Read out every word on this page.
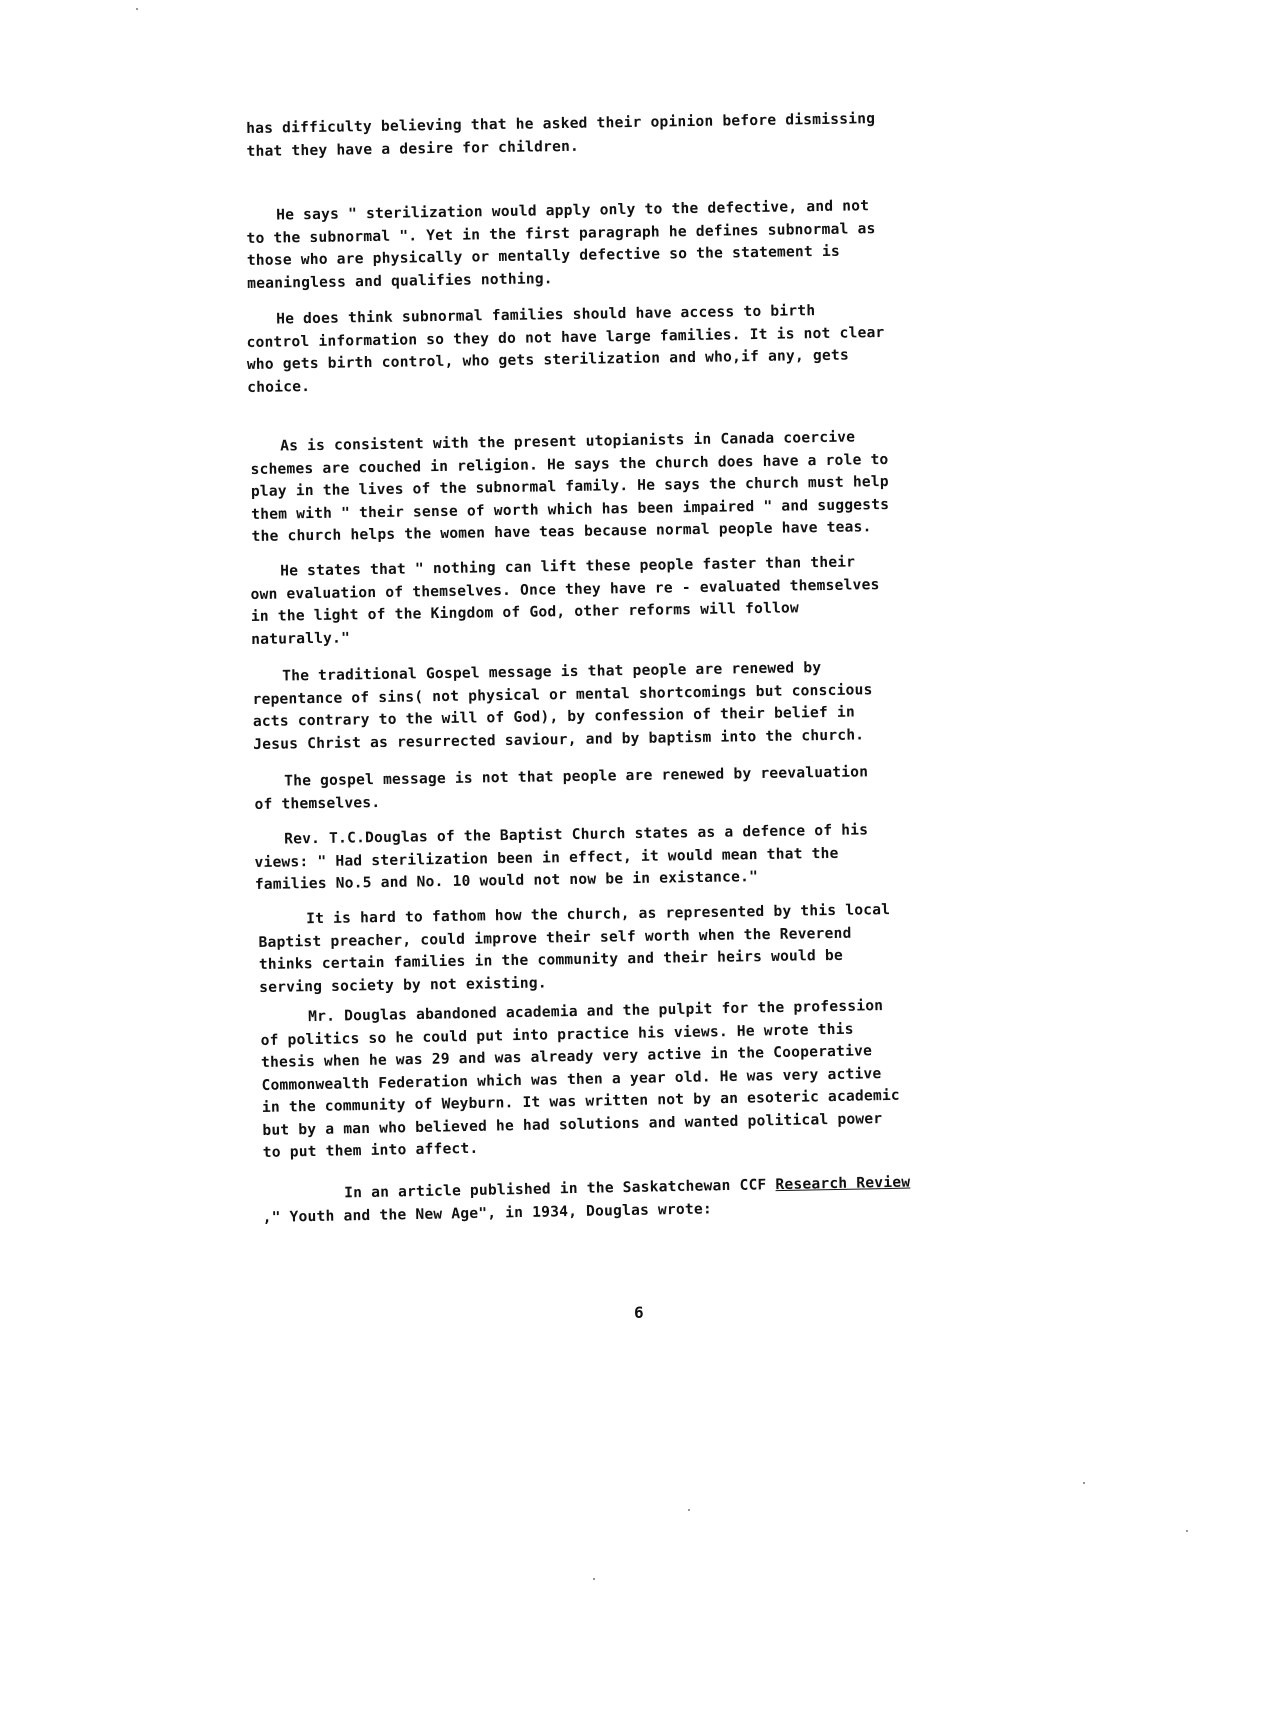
has difficulty believing that he asked their opinion before dismissing
that they have a desire for children.
He says " sterilization would apply only to the defective, and not
to the subnormal ". Yet in the first paragraph he defines subnormal as
those who are physically or mentally defective so the statement is
meaningless and qualifies nothing.
He does think subnormal families should have access to birth
control information so they do not have large families. It is not clear
who gets birth control, who gets sterilization and who,if any, gets
choice.
As is consistent with the present utopianists in Canada coercive
schemes are couched in religion. He says the church does have a role to
play in the lives of the subnormal family. He says the church must help
them with " their sense of worth which has been impaired " and suggests
the church helps the women have teas because normal people have teas.
He states that " nothing can lift these people faster than their
own evaluation of themselves. Once they have re - evaluated themselves
in the light of the Kingdom of God, other reforms will follow
naturally."
The traditional Gospel message is that people are renewed by
repentance of sins( not physical or mental shortcomings but conscious
acts contrary to the will of God), by confession of their belief in
Jesus Christ as resurrected saviour, and by baptism into the church.
The gospel message is not that people are renewed by reevaluation
of themselves.
Rev. T.C.Douglas of the Baptist Church states as a defence of his
views: " Had sterilization been in effect, it would mean that the
families No.5 and No. 10 would not now be in existance."
It is hard to fathom how the church, as represented by this local
Baptist preacher, could improve their self worth when the Reverend
thinks certain families in the community and their heirs would be
serving society by not existing.
Mr. Douglas abandoned academia and the pulpit for the profession
of politics so he could put into practice his views. He wrote this
thesis when he was 29 and was already very active in the Cooperative
Commonwealth Federation which was then a year old. He was very active
in the community of Weyburn. It was written not by an esoteric academic
but by a man who believed he had solutions and wanted political power
to put them into affect.
In an article published in the Saskatchewan CCF Research Review
," Youth and the New Age", in 1934, Douglas wrote:
6
